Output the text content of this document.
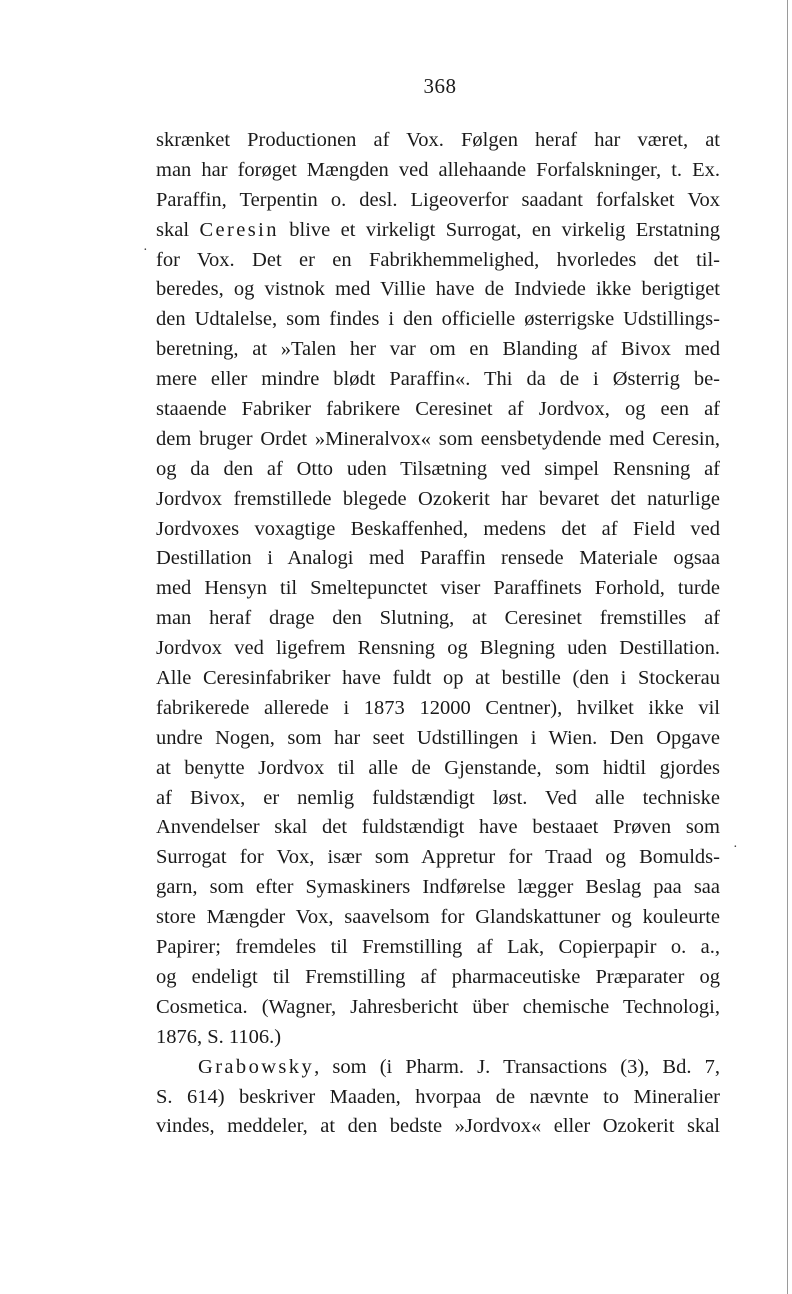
368
skrænket Productionen af Vox. Følgen heraf har været, at
man har forøget Mængden ved allehaande Forfalskninger, t. Ex.
Paraffin, Terpentin o. desl. Ligeoverfor saadant forfalsket Vox
skal Ceresin blive et virkeligt Surrogat, en virkelig Erstatning
for Vox. Det er en Fabrikhemmelighed, hvorledes det til-
beredes, og vistnok med Villie have de Indviede ikke berigtiget
den Udtalelse, som findes i den officielle østerrigske Udstillings-
beretning, at »Talen her var om en Blanding af Bivox med
mere eller mindre blødt Paraffin«. Thi da de i Østerrig be-
staaende Fabriker fabrikere Ceresinet af Jordvox, og een af
dem bruger Ordet »Mineralvox« som eensbetydende med Ceresin,
og da den af Otto uden Tilsætning ved simpel Rensning af
Jordvox fremstillede blegede Ozokerit har bevaret det naturlige
Jordvoxes voxagtige Beskaffenhed, medens det af Field ved
Destillation i Analogi med Paraffin rensede Materiale ogsaa
med Hensyn til Smeltepunctet viser Paraffinets Forhold, turde
man heraf drage den Slutning, at Ceresinet fremstilles af
Jordvox ved ligefrem Rensning og Blegning uden Destillation.
Alle Ceresinfabriker have fuldt op at bestille (den i Stockerau
fabrikerede allerede i 1873 12000 Centner), hvilket ikke vil
undre Nogen, som har seet Udstillingen i Wien. Den Opgave
at benytte Jordvox til alle de Gjenstande, som hidtil gjordes
af Bivox, er nemlig fuldstændigt løst. Ved alle techniske
Anvendelser skal det fuldstændigt have bestaaet Prøven som
Surrogat for Vox, især som Appretur for Traad og Bomulds-
garn, som efter Symaskiners Indførelse lægger Beslag paa saa
store Mængder Vox, saavelsom for Glandskattuner og kouleurte
Papirer; fremdeles til Fremstilling af Lak, Copierpapir o. a.,
og endeligt til Fremstilling af pharmaceutiske Præparater og
Cosmetica. (Wagner, Jahresbericht über chemische Technologi,
1876, S. 1106.)
Grabowsky, som (i Pharm. J. Transactions (3), Bd. 7,
S. 614) beskriver Maaden, hvorpaa de nævnte to Mineralier
vindes, meddeler, at den bedste »Jordvox« eller Ozokerit skal
·
·
